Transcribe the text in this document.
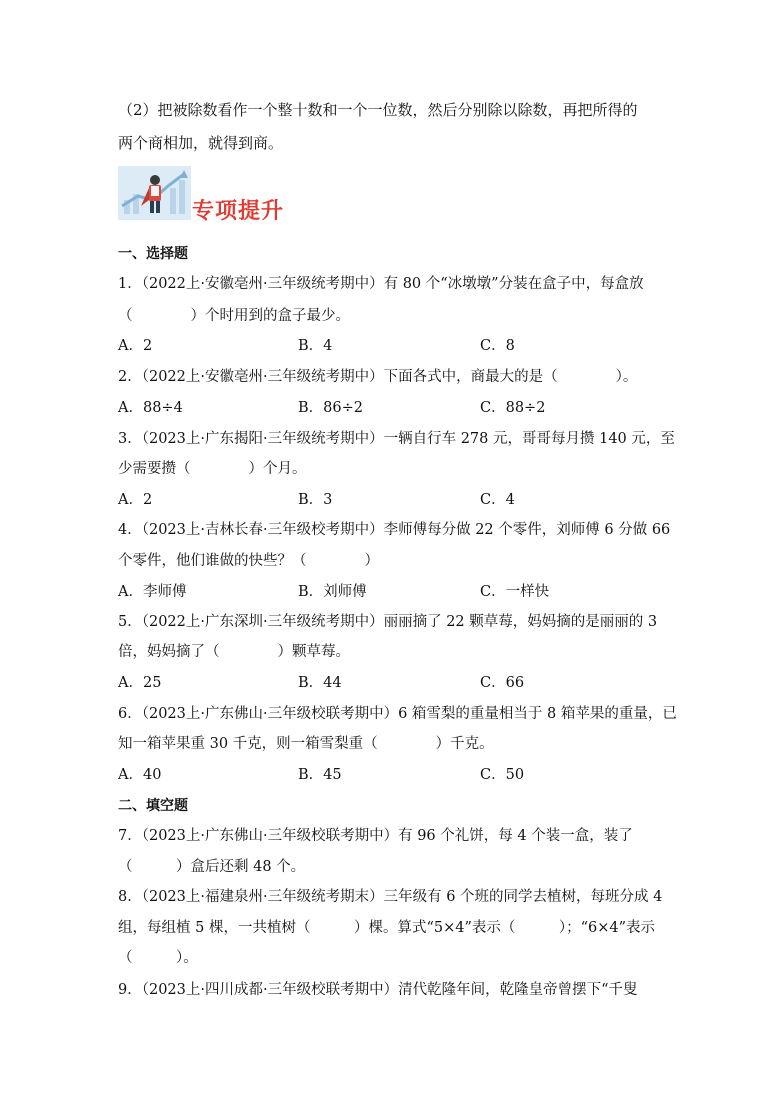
（2）把被除数看作一个整十数和一个一位数，然后分别除以除数，再把所得的
两个商相加，就得到商。
专项提升
一、选择题
1．（2022上·安徽亳州·三年级统考期中）有 80 个“冰墩墩”分装在盒子中，每盒放
（　　　　）个时用到的盒子最少。
A．2	B．4	C．8
2．（2022上·安徽亳州·三年级统考期中）下面各式中，商最大的是（　　　　）。
A．88÷4	B．86÷2	C．88÷2
3．（2023上·广东揭阳·三年级统考期中）一辆自行车 278 元，哥哥每月攒 140 元，至
少需要攒（　　　　）个月。
A．2	B．3	C．4
4．（2023上·吉林长春·三年级校考期中）李师傅每分做 22 个零件，刘师傅 6 分做 66
个零件，他们谁做的快些？（　　　　）
A．李师傅	B．刘师傅	C．一样快
5．（2022上·广东深圳·三年级统考期中）丽丽摘了 22 颗草莓，妈妈摘的是丽丽的 3
倍，妈妈摘了（　　　　）颗草莓。
A．25	B．44	C．66
6．（2023上·广东佛山·三年级校联考期中）6 箱雪梨的重量相当于 8 箱苹果的重量，已
知一箱苹果重 30 千克，则一箱雪梨重（　　　　）千克。
A．40	B．45	C．50
二、填空题
7．（2023上·广东佛山·三年级校联考期中）有 96 个礼饼，每 4 个装一盒，装了
（　　　）盒后还剩 48 个。
8．（2023上·福建泉州·三年级统考期末）三年级有 6 个班的同学去植树，每班分成 4
组，每组植 5 棵，一共植树（　　　）棵。算式“5×4”表示（　　　）；“6×4”表示
（　　　）。
9．（2023上·四川成都·三年级校联考期中）清代乾隆年间，乾隆皇帝曾摆下“千叟
